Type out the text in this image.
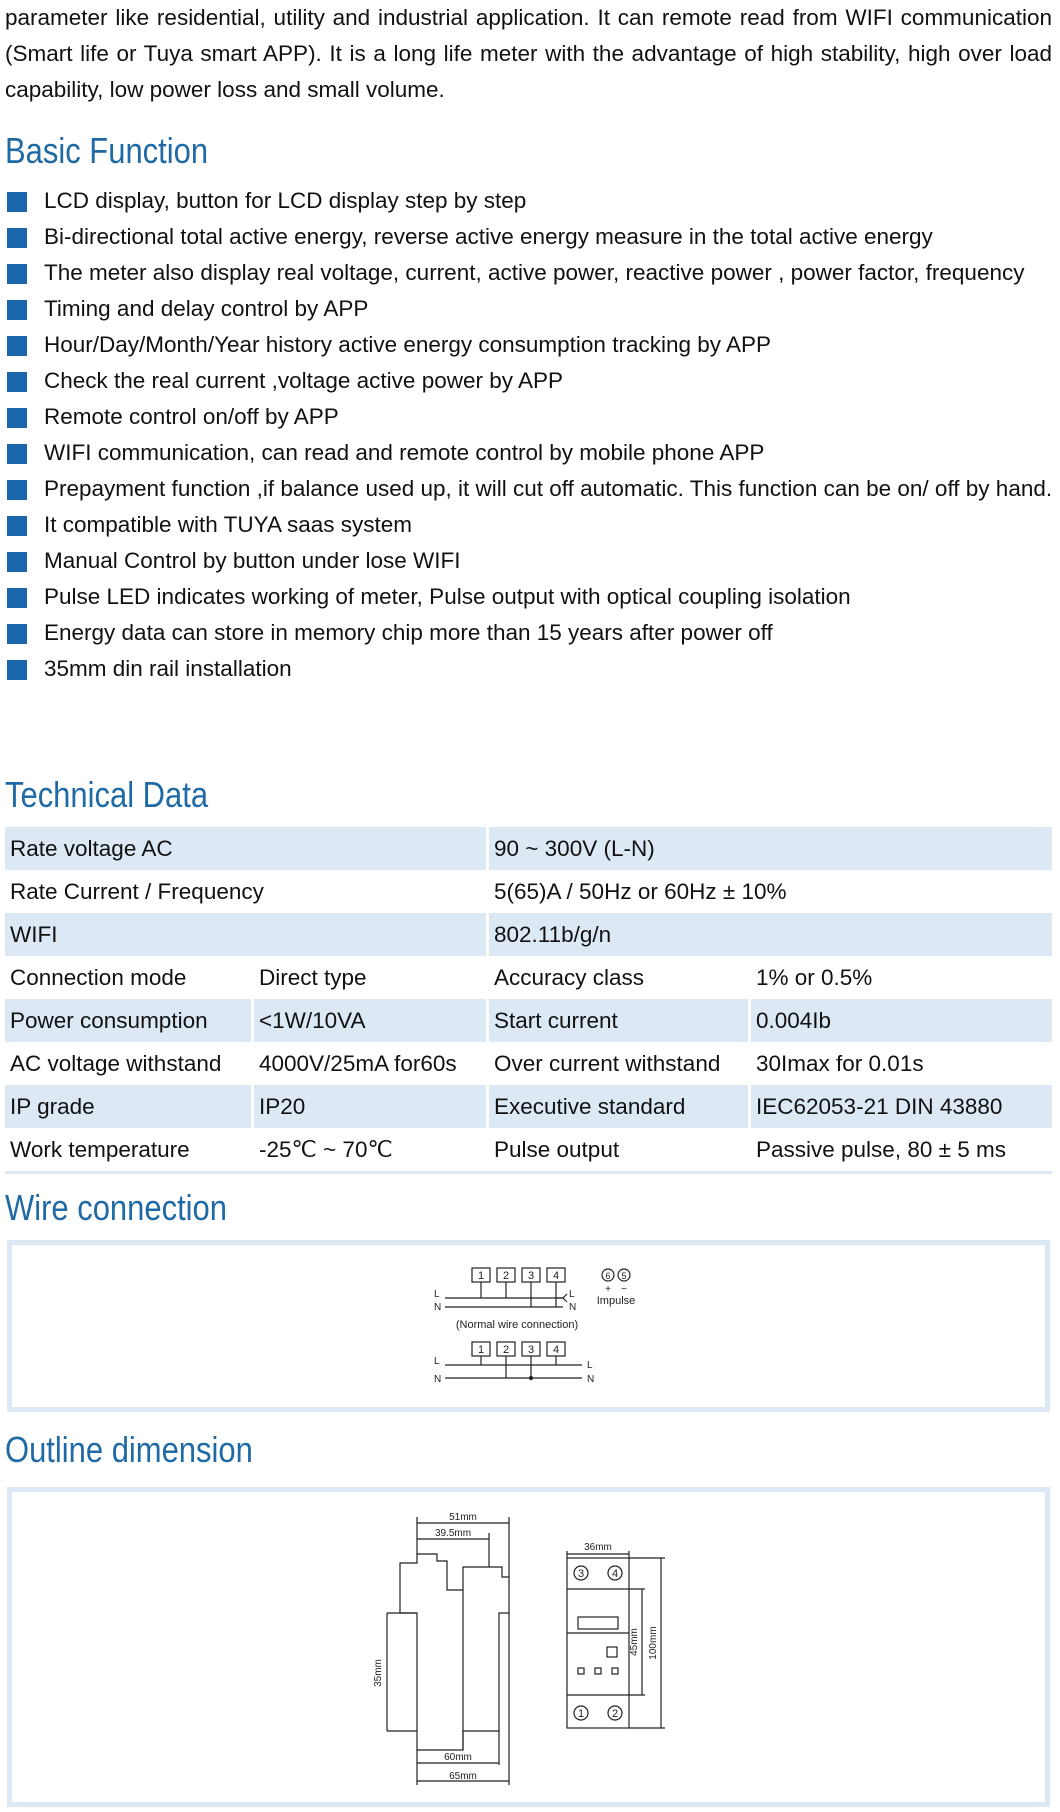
parameter like residential, utility and industrial application. It can remote read from WIFI communication (Smart life or Tuya smart APP). It is a long life meter with the advantage of high stability, high over load capability, low power loss and small volume.

Basic Function
LCD display, button for LCD display step by step
Bi-directional total active energy, reverse active energy measure in the total active energy
The meter also display real voltage, current, active power, reactive power , power factor, frequency
Timing and delay control by APP
Hour/Day/Month/Year history active energy consumption tracking by APP
Check the real current ,voltage active power by APP
Remote control on/off by APP
WIFI communication, can read and remote control by mobile phone APP
Prepayment function ,if balance used up, it will cut off automatic. This function can be on/ off by hand.
It compatible with TUYA saas system
Manual Control by button under lose WIFI
Pulse LED indicates working of meter, Pulse output with optical coupling isolation
Energy data can store in memory chip more than 15 years after power off
35mm din rail installation
Technical Data
Rate voltage AC				90 ~ 300V (L-N)		
Rate Current / Frequency				5(65)A / 50Hz or 60Hz ± 10%		
WIFI				802.11b/g/n		
Connection mode		Direct type		Accuracy class		1% or 0.5%
Power consumption		<1W/10VA		Start current		0.004Ib
AC voltage withstand		4000V/25mA for60s		Over current withstand		30Imax for 0.01s
IP grade		IP20		Executive standard		IEC62053-21 DIN 43880
Work temperature		-25℃ ~ 70℃		Pulse output		Passive pulse, 80 ± 5 ms
Wire connection
1 2 3 4
1 2 3 4
6 5
+ −
Impulse
(Normal wire connection)
L
N
L
N
L
N
L
N
Outline dimension
51mm
39.5mm
35mm
60mm
65mm
36mm
45mm 100mm
3	4
1	2
